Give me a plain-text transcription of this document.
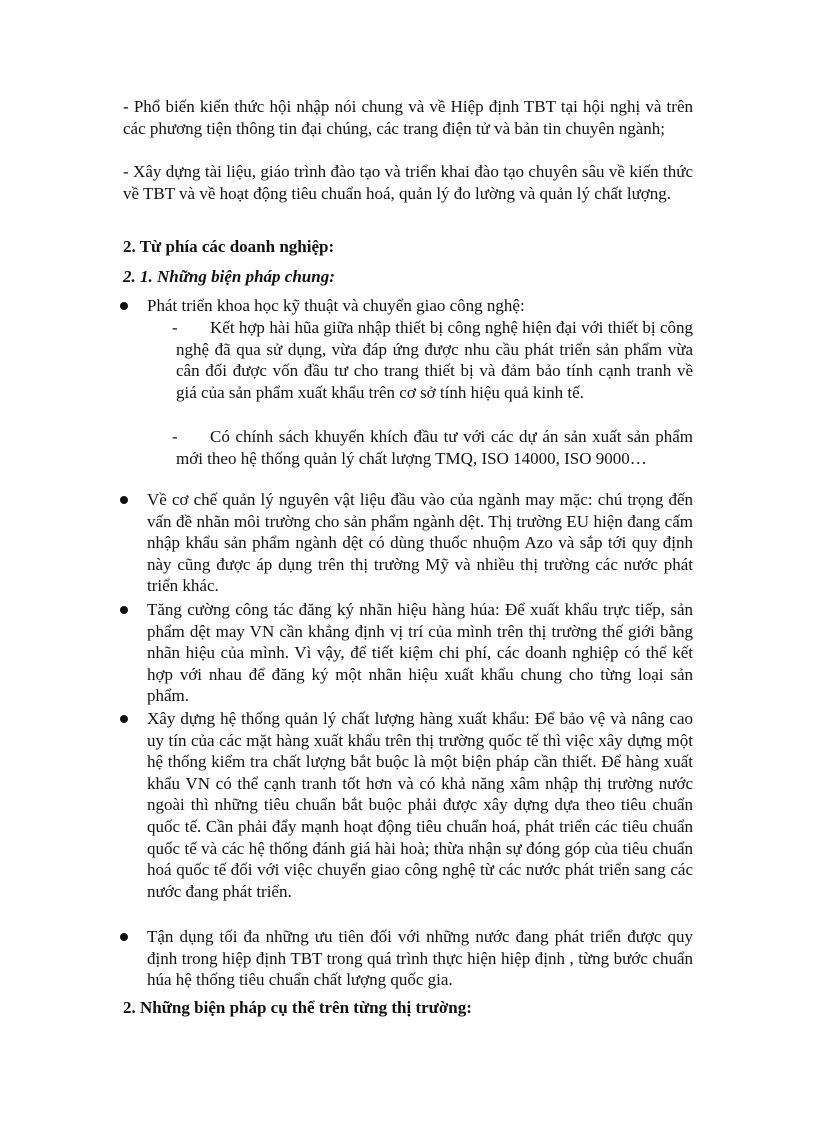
- Phổ biến kiến thức hội nhập nói chung và về Hiệp định TBT tại hội nghị và trên các phương tiện thông tin đại chúng, các trang điện tử và bản tin chuyên ngành;

- Xây dựng tài liệu, giáo trình đào tạo và triển khai đào tạo chuyên sâu về kiến thức về TBT và về hoạt động tiêu chuẩn hoá, quản lý đo lường và quản lý chất lượng.

2. Từ phía các doanh nghiệp:

2. 1. Những biện pháp chung:

Phát triển khoa học kỹ thuật và chuyển giao công nghệ:

-	Kết hợp hài hũa giữa nhập thiết bị công nghệ hiện đại với thiết bị công nghệ đã qua sử dụng, vừa đáp ứng được nhu cầu phát triển sản phẩm vừa cân đối được vốn đầu tư cho trang thiết bị và đảm bảo tính cạnh tranh về giá của sản phẩm xuất khẩu trên cơ sở tính hiệu quả kinh tế.

-	Có chính sách khuyến khích đầu tư với các dự án sản xuất sản phẩm mới theo hệ thống quản lý chất lượng TMQ, ISO 14000, ISO 9000…

Về cơ chế quản lý nguyên vật liệu đầu vào của ngành may mặc: chú trọng đến vấn đề nhãn môi trường cho sản phẩm ngành dệt. Thị trường EU hiện đang cấm nhập khẩu sản phẩm ngành dệt có dùng thuốc nhuộm Azo và sắp tới quy định này cũng được áp dụng trên thị trường Mỹ và nhiều thị trường các nước phát triển khác.

Tăng cường công tác đăng ký nhãn hiệu hàng húa: Để xuất khẩu trực tiếp, sản phẩm dệt may VN cần khẳng định vị trí của mình trên thị trường thế giới bằng nhãn hiệu của mình. Vì vậy, để tiết kiệm chi phí, các doanh nghiệp có thể kết hợp với nhau để đăng ký một nhãn hiệu xuất khẩu chung cho từng loại sản phẩm.

Xây dựng hệ thống quản lý chất lượng hàng xuất khẩu: Để bảo vệ và nâng cao uy tín của các mặt hàng xuất khẩu trên thị trường quốc tế thì việc xây dựng một hệ thống kiểm tra chất lượng bắt buộc là một biện pháp cần thiết. Để hàng xuất khẩu VN có thể cạnh tranh tốt hơn và có khả năng xâm nhập thị trường nước ngoài thì những tiêu chuẩn bắt buộc phải được xây dựng dựa theo tiêu chuẩn quốc tế. Cần phải đẩy mạnh hoạt động tiêu chuẩn hoá, phát triển các tiêu chuẩn quốc tế và các hệ thống đánh giá hài hoà; thừa nhận sự đóng góp của tiêu chuẩn hoá quốc tế đối với việc chuyển giao công nghệ từ các nước phát triển sang các nước đang phát triển.

Tận dụng tối đa những ưu tiên đối với những nước đang phát triển được quy định trong hiệp định TBT trong quá trình thực hiện hiệp định , từng bước chuẩn húa hệ thống tiêu chuẩn chất lượng quốc gia.

2. Những biện pháp cụ thể trên từng thị trường:
